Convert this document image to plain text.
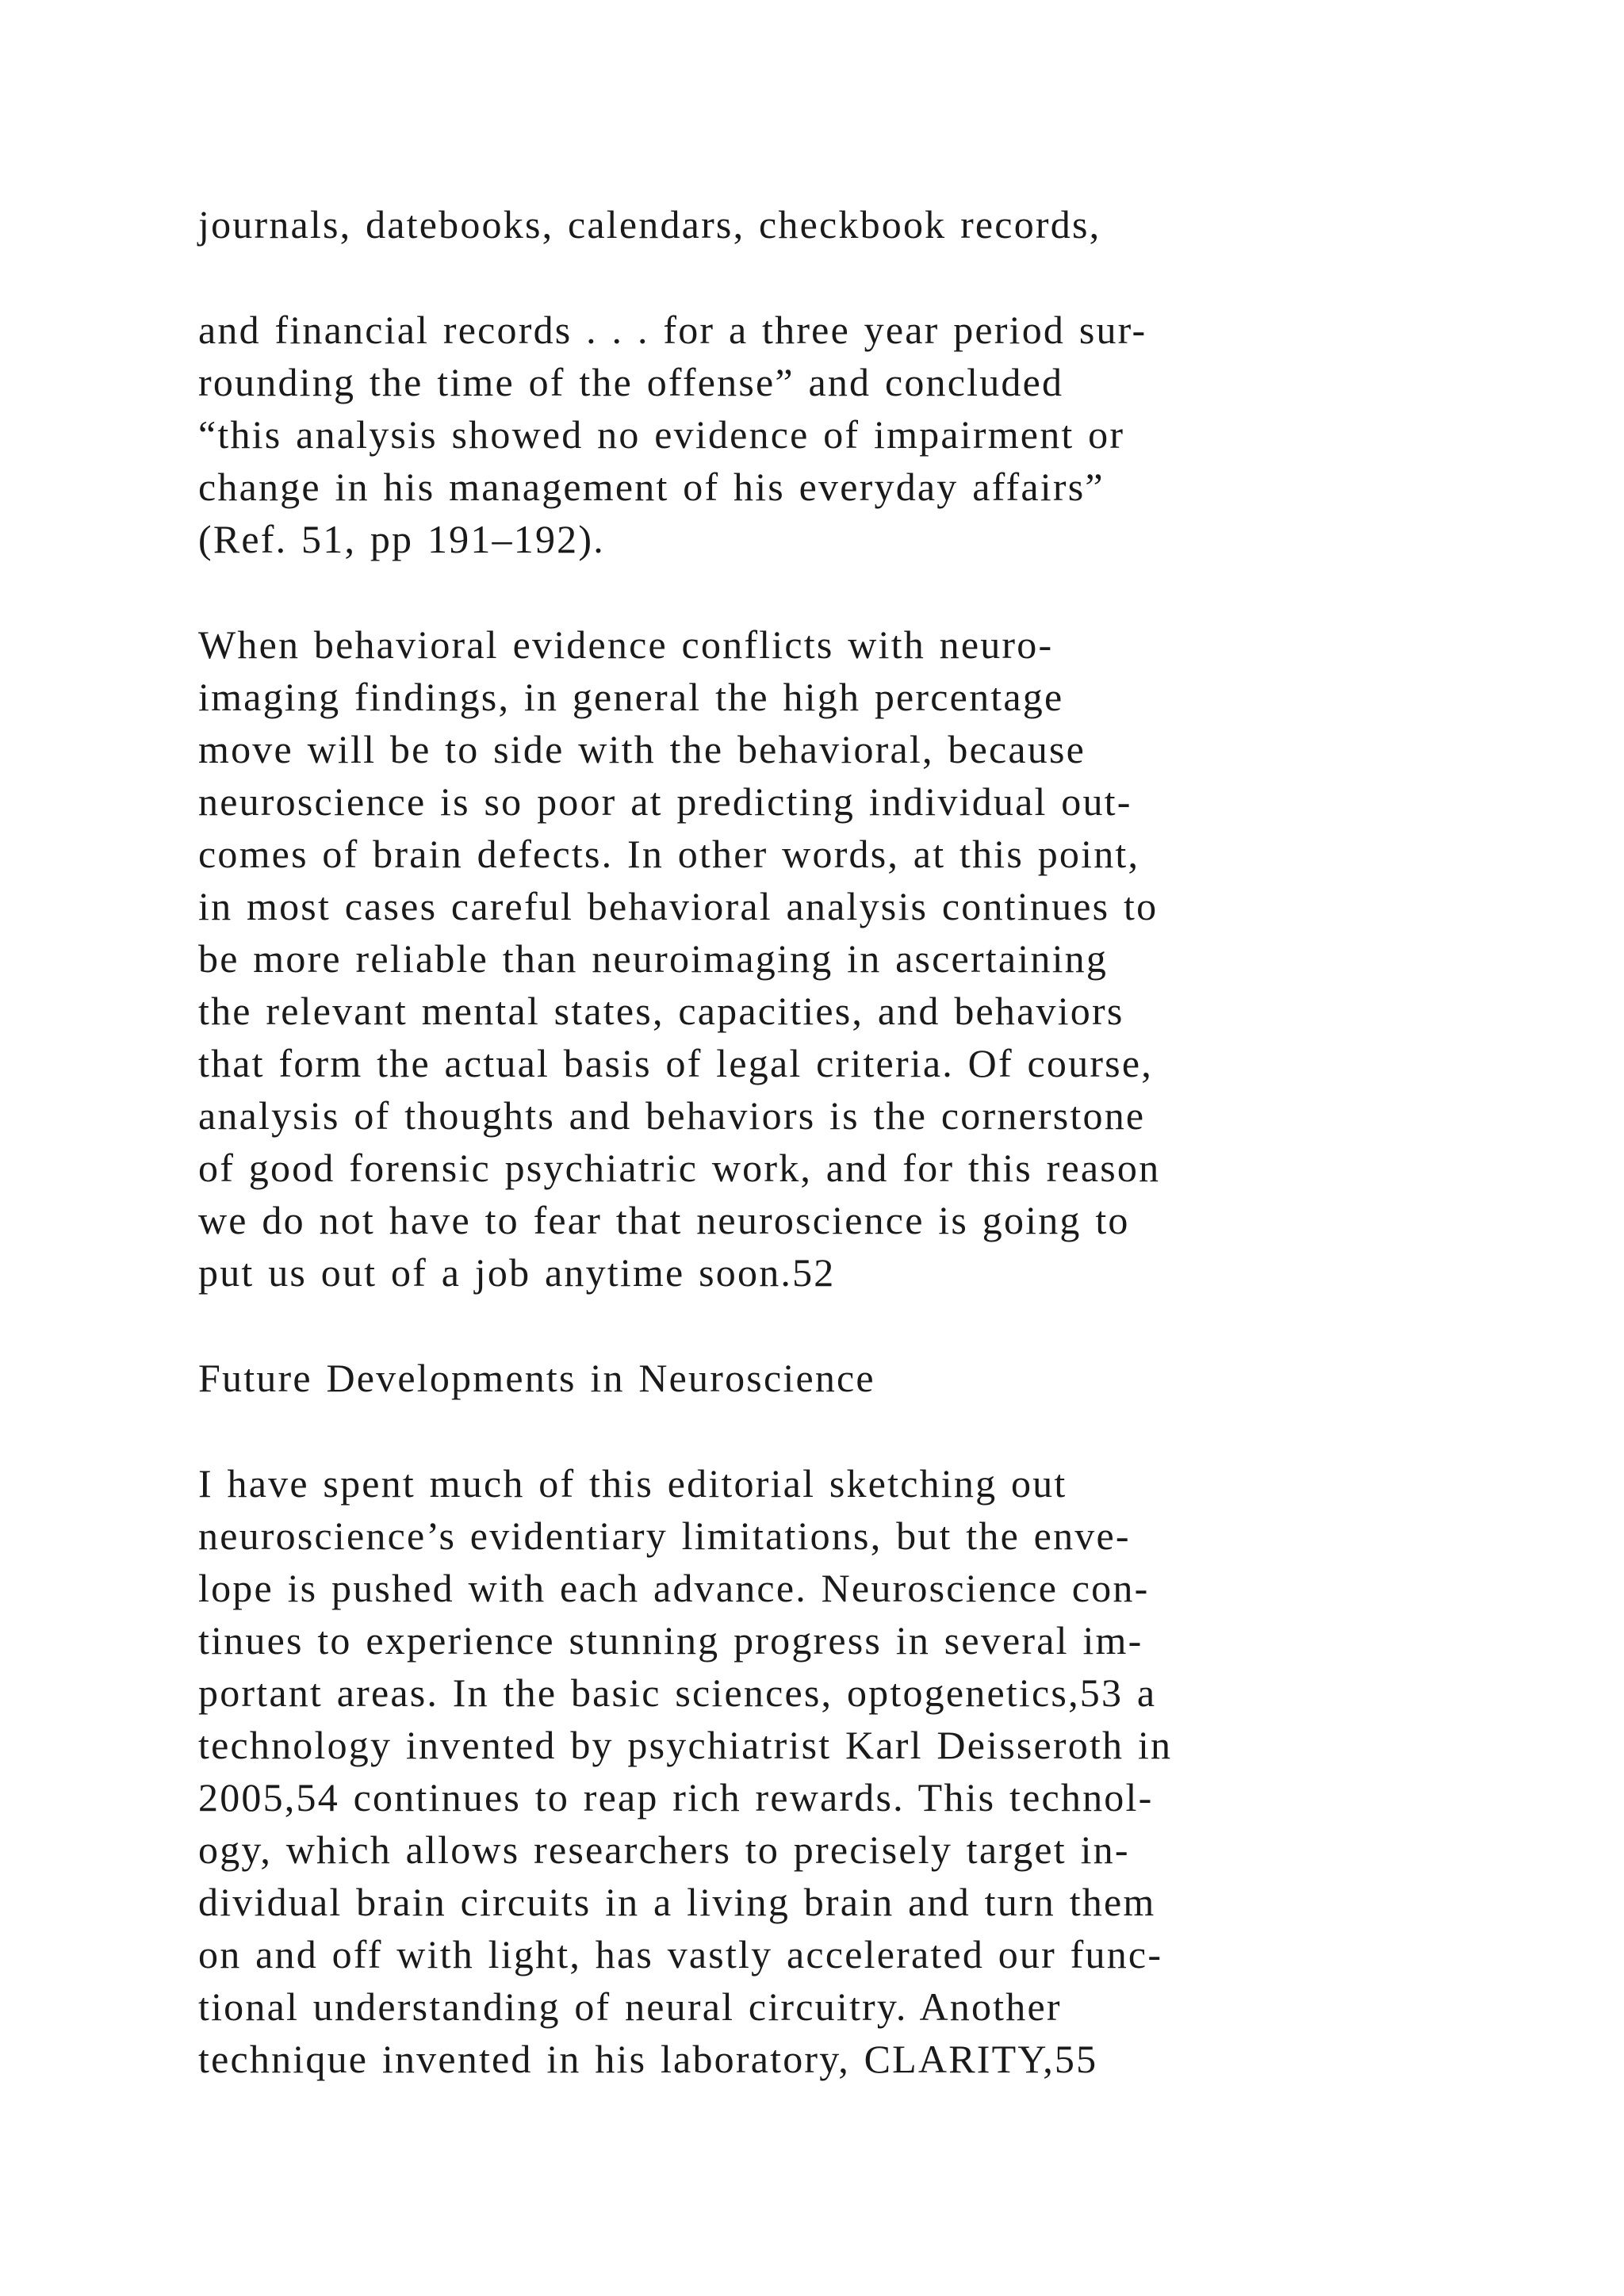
journals, datebooks, calendars, checkbook records,
and financial records . . . for a three year period sur-
rounding the time of the offense” and concluded
“this analysis showed no evidence of impairment or
change in his management of his everyday affairs”
(Ref. 51, pp 191–192).
When behavioral evidence conflicts with neuro-
imaging findings, in general the high percentage
move will be to side with the behavioral, because
neuroscience is so poor at predicting individual out-
comes of brain defects. In other words, at this point,
in most cases careful behavioral analysis continues to
be more reliable than neuroimaging in ascertaining
the relevant mental states, capacities, and behaviors
that form the actual basis of legal criteria. Of course,
analysis of thoughts and behaviors is the cornerstone
of good forensic psychiatric work, and for this reason
we do not have to fear that neuroscience is going to
put us out of a job anytime soon.52
Future Developments in Neuroscience
I have spent much of this editorial sketching out
neuroscience’s evidentiary limitations, but the enve-
lope is pushed with each advance. Neuroscience con-
tinues to experience stunning progress in several im-
portant areas. In the basic sciences, optogenetics,53 a
technology invented by psychiatrist Karl Deisseroth in
2005,54 continues to reap rich rewards. This technol-
ogy, which allows researchers to precisely target in-
dividual brain circuits in a living brain and turn them
on and off with light, has vastly accelerated our func-
tional understanding of neural circuitry. Another
technique invented in his laboratory, CLARITY,55
